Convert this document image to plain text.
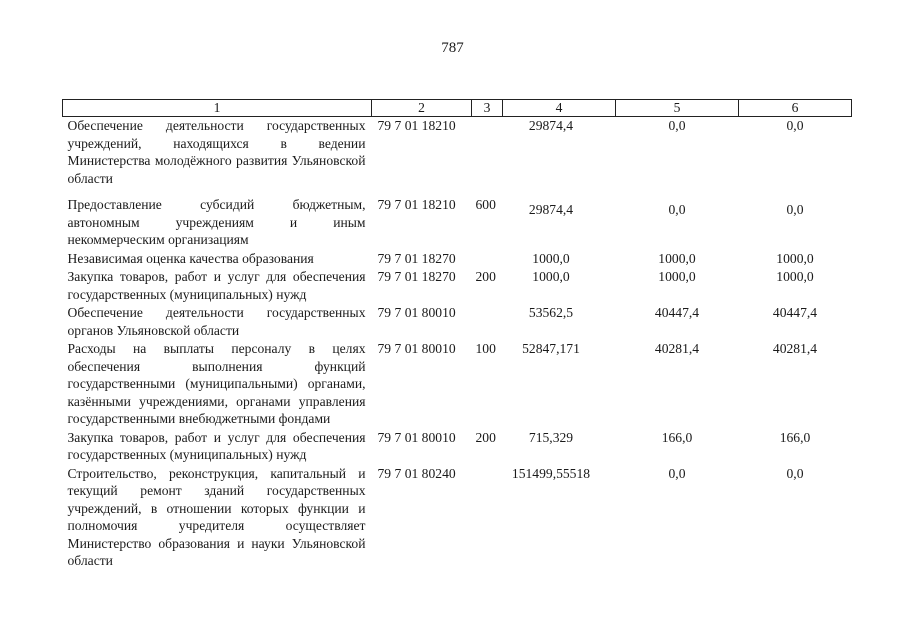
787
1	2	3	4	5	6
Обеспечение деятельности государственных учреждений, находящихся в ведении Министерства молодёжного развития Ульяновской области	79 7 01 18210		29874,4	0,0	0,0
Предоставление субсидий бюджетным, автономным учреждениям и иным некоммерческим организациям	79 7 01 18210	600	29874,4	0,0	0,0
Независимая оценка качества образования	79 7 01 18270		1000,0	1000,0	1000,0
Закупка товаров, работ и услуг для обеспечения государственных (муниципальных) нужд	79 7 01 18270	200	1000,0	1000,0	1000,0
Обеспечение деятельности государственных органов Ульяновской области	79 7 01 80010		53562,5	40447,4	40447,4
Расходы на выплаты персоналу в целях обеспечения выполнения функций государственными (муниципальными) органами, казёнными учреждениями, органами управления государственными внебюджетными фондами	79 7 01 80010	100	52847,171	40281,4	40281,4
Закупка товаров, работ и услуг для обеспечения государственных (муниципальных) нужд	79 7 01 80010	200	715,329	166,0	166,0
Строительство, реконструкция, капитальный и текущий ремонт зданий государственных учреждений, в отношении которых функции и полномочия учредителя осуществляет Министерство образования и науки Ульяновской области	79 7 01 80240		151499,55518	0,0	0,0
